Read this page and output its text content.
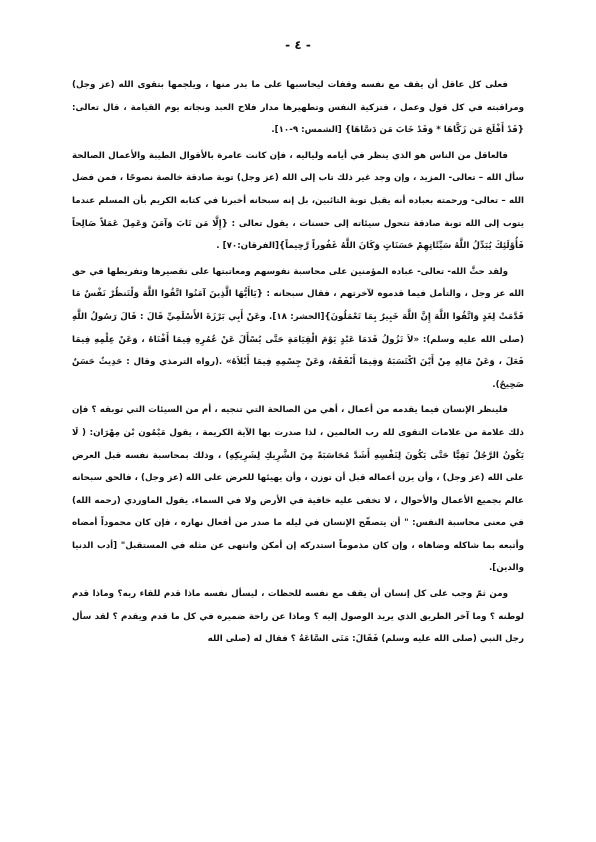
- ٤ -

فعلى كل عاقل أن يقف مع نفسه وقفات ليحاسبها على ما بدر منها ، ويلجمها بتقوى الله (عز وجل) ومراقبته في كل قول وعمل ، فتزكية النفس وتطهيرها مدار فلاح العبد ونجاته يوم القيامة ، قال تعالى:{قَدْ أَفْلَحَ مَن زَكَّاهَا * وَقَدْ خَابَ مَن دَسَّاهَا} [الشمس: ٩-١٠].

فالعاقل من الناس هو الذي ينظر في أيامه ولياليه ، فإن كانت عامرة بالأقوال الطيبة والأعمال الصالحة سأل الله – تعالى- المزيد ، وإن وجد غير ذلك تاب إلى الله (عز وجل) توبة صادقة خالصة نصوحًا ، فمن فضل الله – تعالى- ورحمته بعباده أنه يقبل توبة التائبين، بل إنه سبحانه أخبرنا في كتابه الكريم بأن المسلم عندما يتوب إلى الله توبة صادقة تتحول سيئاته إلى حسنات ، يقول تعالى : {إِلَّا مَن تَابَ وَآمَنَ وَعَمِلَ عَمَلاً صَالِحاً فَأُوْلَئِكَ يُبَدِّلُ اللَّهُ سَيِّئَاتِهِمْ حَسَنَاتٍ وَكَانَ اللَّهُ غَفُوراً رَّحِيماً}[الفرقان:٧٠] .

ولقد حثَّ الله- تعالى- عباده المؤمنين على محاسبة نفوسهم ومعاتبتها على تقصيرها وتفريطها في حق الله عز وجل ، والتأمل فيما قدموه لآخرتهم ، فقال سبحانه : {يَاأَيُّهَا الَّذِينَ آمَنُوا اتَّقُوا اللَّهَ وَلْتَنظُرْ نَفْسٌ مَا قَدَّمَتْ لِغَدٍ وَاتَّقُوا اللَّهَ إِنَّ اللَّهَ خَبِيرٌ بِمَا تَعْمَلُونَ}[الحشر: ١٨]. وعَنْ أَبِي بَرْزَةَ الأَسْلَمِيِّ قَالَ : قَالَ رَسُولُ اللَّهِ (صلى الله عليه وسلم): «لاَ تَزُولُ قَدَمَا عَبْدٍ يَوْمَ الْقِيَامَةِ حَتَّى يُسْأَلَ عَنْ عُمُرِهِ فِيمَا أَفْنَاهُ ، وَعَنْ عِلْمِهِ فِيمَا فَعَلَ ، وَعَنْ مَالِهِ مِنْ أَيْنَ اكْتَسَبَهُ وَفِيمَا أَنْفَقَهُ، وَعَنْ جِسْمِهِ فِيمَا أَبْلاَهُ» .(رواه الترمذي وقال : حَدِيثٌ حَسَنٌ صَحِيحٌ).

فلينظر الإنسان فيما يقدمه من أعمال ، أهي من الصالحة التي تنجيه ، أم من السيئات التي توبقه ؟ فإن ذلك علامة من علامات التقوى لله رب العالمين ، لذا صدرت بها الآية الكريمة ، يقول مَيْمُون بْن مِهْرَان: ( لَا يَكُونُ الرَّجُلُ تَقِيًّا حَتَّى يَكُونَ لِنَفْسِهِ أَشَدَّ مُحَاسَبَةً مِنَ الشَّرِيكِ لِشَرِيكِهِ) ، وذلك بمحاسبة نفسه قبل العرض على الله (عز وجل) ، وأن يزن أعماله قبل أن توزن ، وأن يهيئها للعرض على الله (عز وجل) ، فالحق سبحانه عالم بجميع الأعمال والأحوال ، لا تخفى عليه خافية في الأرض ولا في السماء. يقول الماوردي (رحمه الله) في معنى محاسبة النفس: " أن يتصفّح الإنسان في ليله ما صدر من أفعال نهاره ، فإن كان محموداً أمضاه وأتبعه بما شاكله وضاهاه ، وإن كان مذموماً استدركه إن أمكن وانتهى عن مثله في المستقبل" [أدب الدنيا والدين].

ومن ثمّ وجب على كل إنسان أن يقف مع نفسه للحظات ، ليسأل نفسه ماذا قدم للقاء ربه؟ وماذا قدم لوطنه ؟ وما آخر الطريق الذي يريد الوصول إليه ؟ وماذا عن راحة ضميره في كل ما قدم ويقدم ؟ لقد سأل رجل النبي (صلى الله عليه وسلم) فَقَالَ: مَتَى السَّاعَةُ ؟ فقال له (صلى الله
